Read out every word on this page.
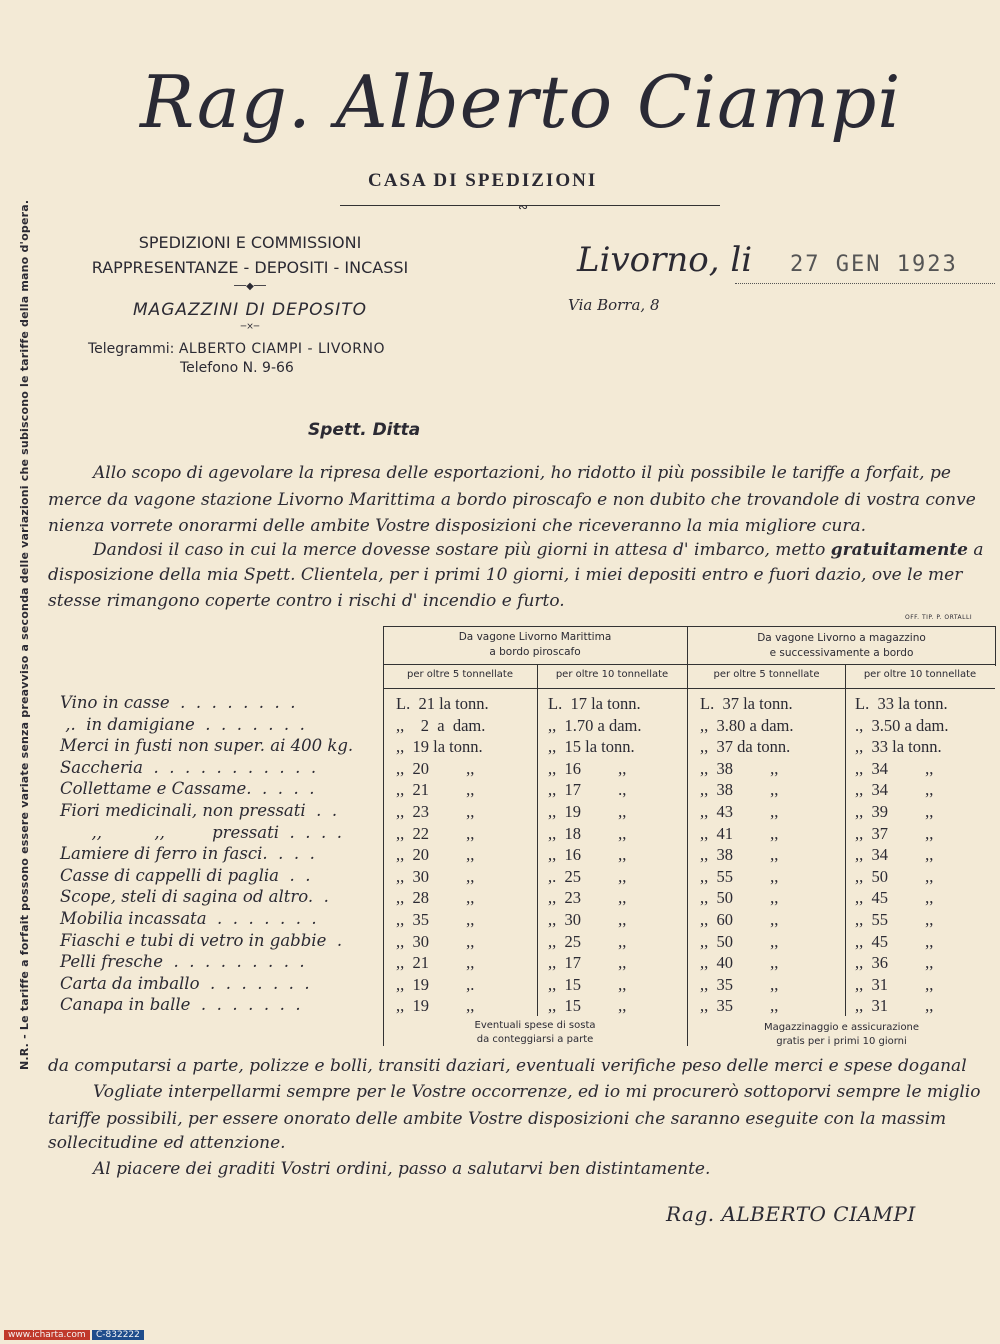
Rag. Alberto Ciampi
CASA DI SPEDIZIONI
∾
SPEDIZIONI E COMMISSIONI
RAPPRESENTANZE - DEPOSITI - INCASSI
──◆──
MAGAZZINI DI DEPOSITO
─×─
Telegrammi: ALBERTO CIAMPI - LIVORNO
Telefono N. 9-66
Livorno, li 27 GEN 1923
Via Borra, 8
N.R. - Le tariffe a forfait possono essere variate senza preavviso a seconda delle variazioni che subiscono le tariffe della mano d'opera.	Spett. Ditta
Allo scopo di agevolare la ripresa delle esportazioni, ho ridotto il più possibile le tariffe a forfait, pe
merce da vagone stazione Livorno Marittima a bordo piroscafo e non dubito che trovandole di vostra conve
nienza vorrete onorarmi delle ambite Vostre disposizioni che riceveranno la mia migliore cura.
Dandosi il caso in cui la merce dovesse sostare più giorni in attesa d' imbarco, metto gratuitamente a
disposizione della mia Spett. Clientela, per i primi 10 giorni, i miei depositi entro e fuori dazio, ove le mer
stesse rimangono coperte contro i rischi d' incendio e furto.
OFF. TIP. P. ORTALLI
Da vagone Livorno Marittima
a bordo piroscafo
Da vagone Livorno a magazzino
e successivamente a bordo
per oltre 5 tonnellate	per oltre 10 tonnellate	per oltre 5 tonnellate	per oltre 10 tonnellate
Vino in casse  .  .  .  .  .  .  .  .	L.  21 la tonn.	L.  17 la tonn.	L.  37 la tonn.	L.  33 la tonn.
,.  in damigiane  .  .  .  .  .  .  .	,,    2  a  dam.	,,  1.70 a dam.	,,  3.80 a dam.	.,  3.50 a dam.
Merci in fusti non super. ai 400 kg.	,,  19 la tonn.	,,  15 la tonn.	,,  37 da tonn.	,,  33 la tonn.
Saccheria  .  .  .  .  .  .  .  .  .  .  .	,,  20         ,,	,,  16         ,,	,,  38         ,,	,,  34         ,,
Collettame e Cassame.  .  .  .  .	,,  21         ,,	,,  17         .,	,,  38         ,,	,,  34         ,,
Fiori medicinali, non pressati  .  .	,,  23         ,,	,,  19         ,,	,,  43         ,,	,,  39         ,,
,,          ,,         pressati  .  .  .  .	,,  22         ,,	,,  18         ,,	,,  41         ,,	,,  37         ,,
Lamiere di ferro in fasci.  .  .  .	,,  20         ,,	,,  16         ,,	,,  38         ,,	,,  34         ,,
Casse di cappelli di paglia  .  .	,,  30         ,,	,.  25         ,,	,,  55         ,,	,,  50         ,,
Scope, steli di sagina od altro.  .	,,  28         ,,	,,  23         ,,	,,  50         ,,	,,  45         ,,
Mobilia incassata  .  .  .  .  .  .  .	,,  35         ,,	,,  30         ,,	,,  60         ,,	,,  55         ,,
Fiaschi e tubi di vetro in gabbie  .	,,  30         ,,	,,  25         ,,	,,  50         ,,	,,  45         ,,
Pelli fresche  .  .  .  .  .  .  .  .  .	,,  21         ,,	,,  17         ,,	,,  40         ,,	,,  36         ,,
Carta da imballo  .  .  .  .  .  .  .	,,  19         ,.	,,  15         ,,	,,  35         ,,	,,  31         ,,
Canapa in balle  .  .  .  .  .  .  .	,,  19         ,,	,,  15         ,,	,,  35         ,,	,,  31         ,,
Eventuali spese di sosta
da conteggiarsi a parte
Magazzinaggio e assicurazione
gratis per i primi 10 giorni
da computarsi a parte, polizze e bolli, transiti daziari, eventuali verifiche peso delle merci e spese doganal
Vogliate interpellarmi sempre per le Vostre occorrenze, ed io mi procurerò sottoporvi sempre le miglio
tariffe possibili, per essere onorato delle ambite Vostre disposizioni che saranno eseguite con la massim
sollecitudine ed attenzione.
Al piacere dei graditi Vostri ordini, passo a salutarvi ben distintamente.
Rag. ALBERTO CIAMPI
www.icharta.com	C-832222
